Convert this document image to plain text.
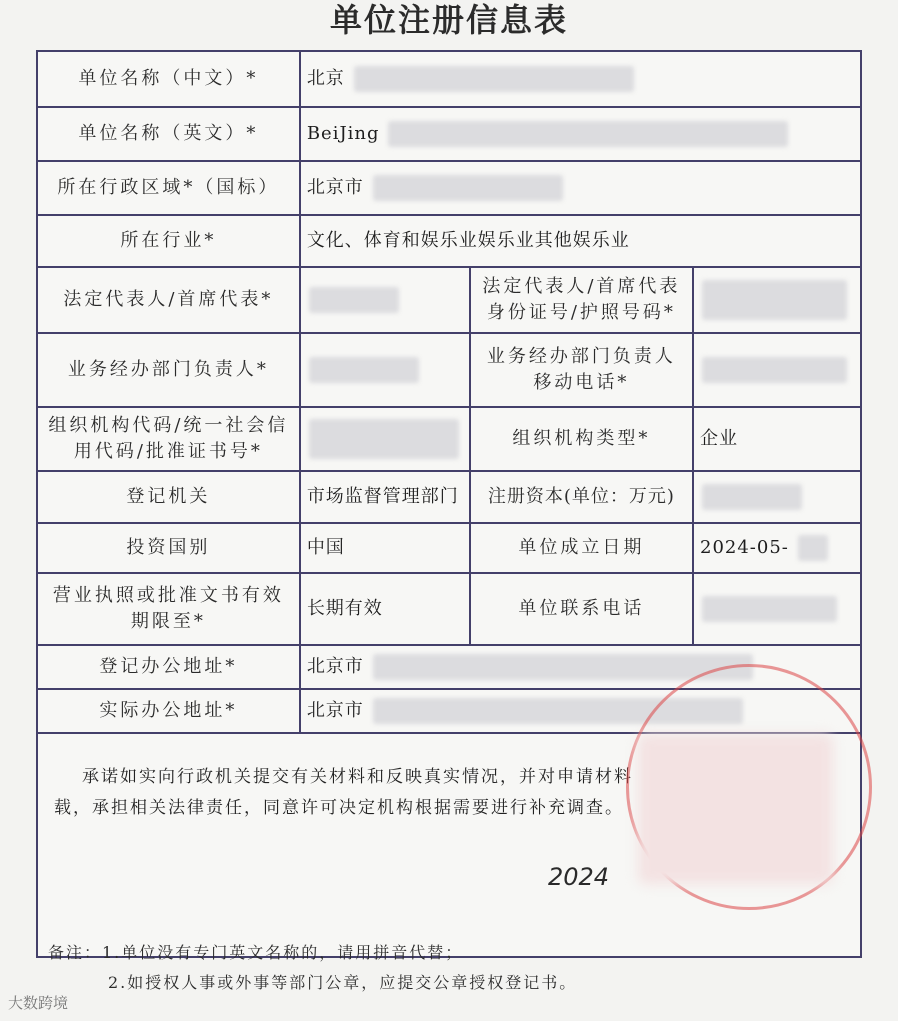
单位注册信息表
单位名称（中文）*	北京		
单位名称（英文）*	BeiJing		
所在行政区域*（国标）	北京市		
所在行业*	文化、体育和娱乐业娱乐业其他娱乐业		
法定代表人/首席代表*		法定代表人/首席代表身份证号/护照号码*	
业务经办部门负责人*		业务经办部门负责人移动电话*	
组织机构代码/统一社会信用代码/批准证书号*		组织机构类型*	企业
登记机关	市场监督管理部门	注册资本(单位：万元)	
投资国别	中国	单位成立日期	2024-05-
营业执照或批准文书有效期限至*	长期有效	单位联系电话	
登记办公地址*	北京市		
实际办公地址*	北京市		

承诺如实向行政机关提交有关材料和反映真实情况，并对申请材料 载，承担相关法律责任，同意许可决定机构根据需要进行补充调查。

2024			
备注：1.单位没有专门英文名称的，请用拼音代替；
2.如授权人事或外事等部门公章，应提交公章授权登记书。
大数跨境
